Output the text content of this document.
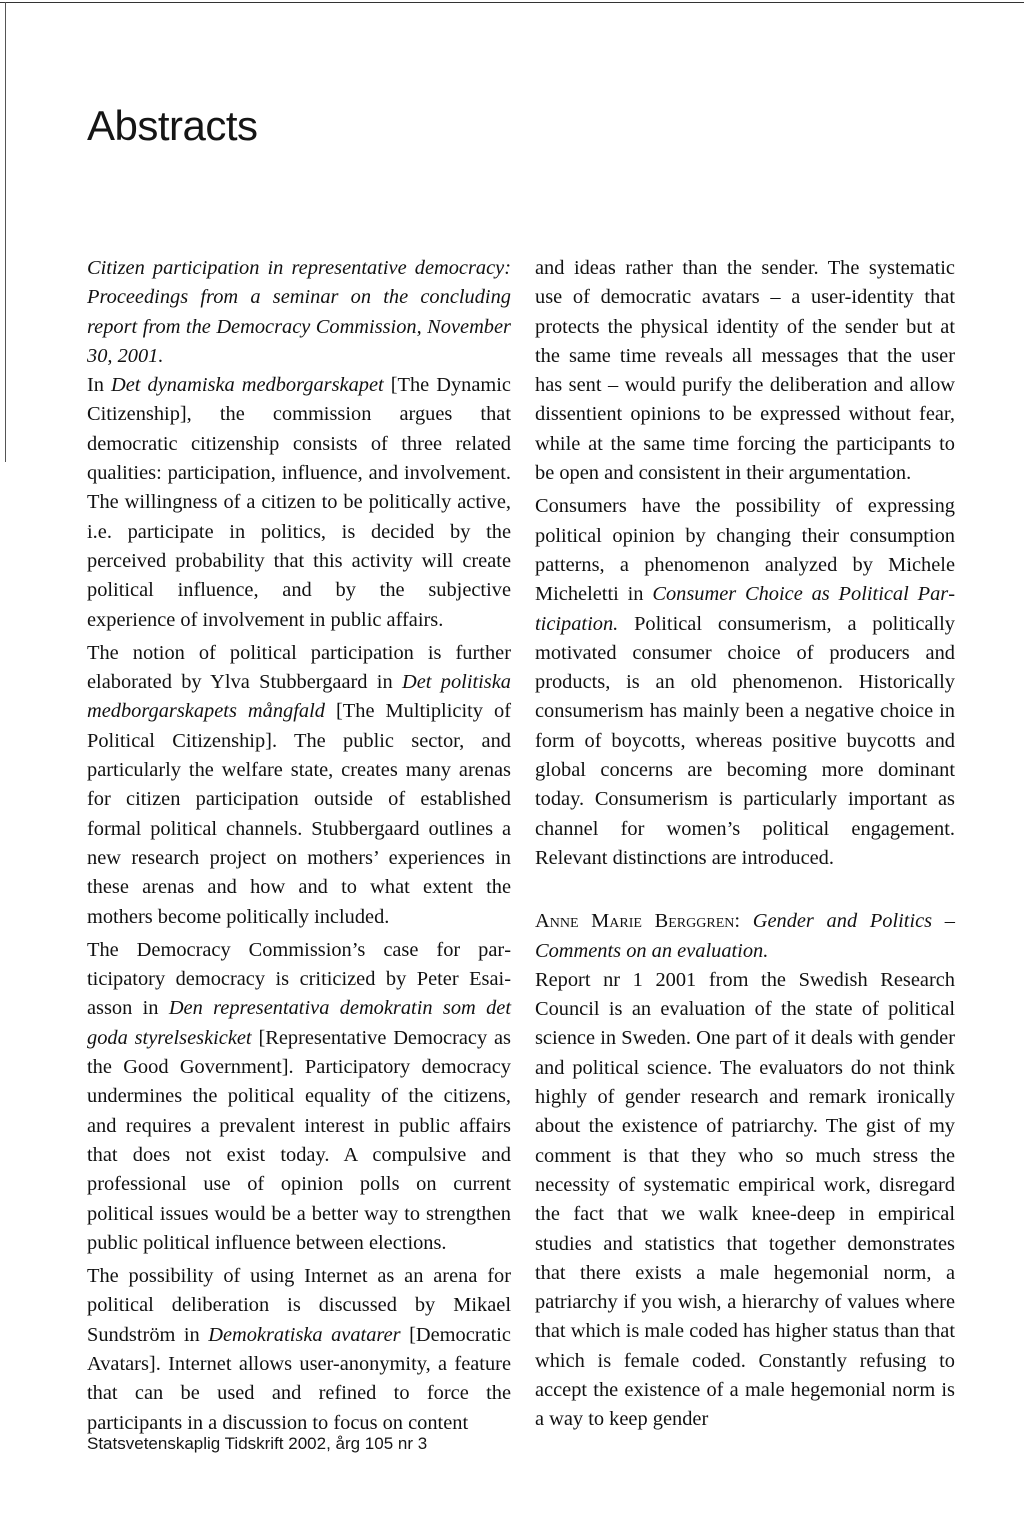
Abstracts

Citizen participation in representative democracy: Proceedings from a seminar on the concluding report from the Democracy Commission, November 30, 2001.
In Det dynamiska medborgarskapet [The Dynamic Citizenship], the commission argues that democratic citizenship consists of three related qualities: participation, influence, and involvement. The willingness of a citizen to be politically active, i.e. participate in politics, is decided by the perceived probability that this activity will create political influence, and by the subjective experience of involvement in public affairs.

The notion of political participation is further elaborated by Ylva Stubbergaard in Det politiska medborgarskapets mångfald [The Multiplicity of Political Citizenship]. The public sector, and particularly the welfare state, creates many arenas for citizen participation outside of established formal political channels. Stubbergaard outlines a new research project on mothers’ experiences in these arenas and how and to what extent the mothers become politically included.

The Democracy Commission’s case for participatory democracy is criticized by Peter Esaiasson in Den representativa demokratin som det goda styrelseskicket [Representative Democracy as the Good Government]. Participatory democracy undermines the political equality of the citizens, and requires a prevalent interest in public affairs that does not exist today. A compulsive and professional use of opinion polls on current political issues would be a better way to strengthen public political influence between elections.

The possibility of using Internet as an arena for political deliberation is discussed by Mikael Sundström in Demokratiska avatarer [Democratic Avatars]. Internet allows user-anonymity, a feature that can be used and refined to force the participants in a discussion to focus on content

and ideas rather than the sender. The systematic use of democratic avatars – a user-identity that protects the physical identity of the sender but at the same time reveals all messages that the user has sent – would purify the deliberation and allow dissentient opinions to be expressed without fear, while at the same time forcing the participants to be open and consistent in their argumentation.

Consumers have the possibility of expressing political opinion by changing their consumption patterns, a phenomenon analyzed by Michele Micheletti in Consumer Choice as Political Participation. Political consumerism, a politically motivated consumer choice of producers and products, is an old phenomenon. Historically consumerism has mainly been a negative choice in form of boycotts, whereas positive buycotts and global concerns are becoming more dominant today. Consumerism is particularly important as channel for women’s political engagement. Relevant distinctions are introduced.

Anne Marie Berggren: Gender and Politics – Comments on an evaluation.

Report nr 1 2001 from the Swedish Research Council is an evaluation of the state of political science in Sweden. One part of it deals with gender and political science. The evaluators do not think highly of gender research and remark ironically about the existence of patriarchy. The gist of my comment is that they who so much stress the necessity of systematic empirical work, disregard the fact that we walk knee-deep in empirical studies and statistics that together demonstrates that there exists a male hegemonial norm, a patriarchy if you wish, a hierarchy of values where that which is male coded has higher status than that which is female coded. Constantly refusing to accept the existence of a male hegemonial norm is a way to keep gender

Statsvetenskaplig Tidskrift 2002, årg 105 nr 3
